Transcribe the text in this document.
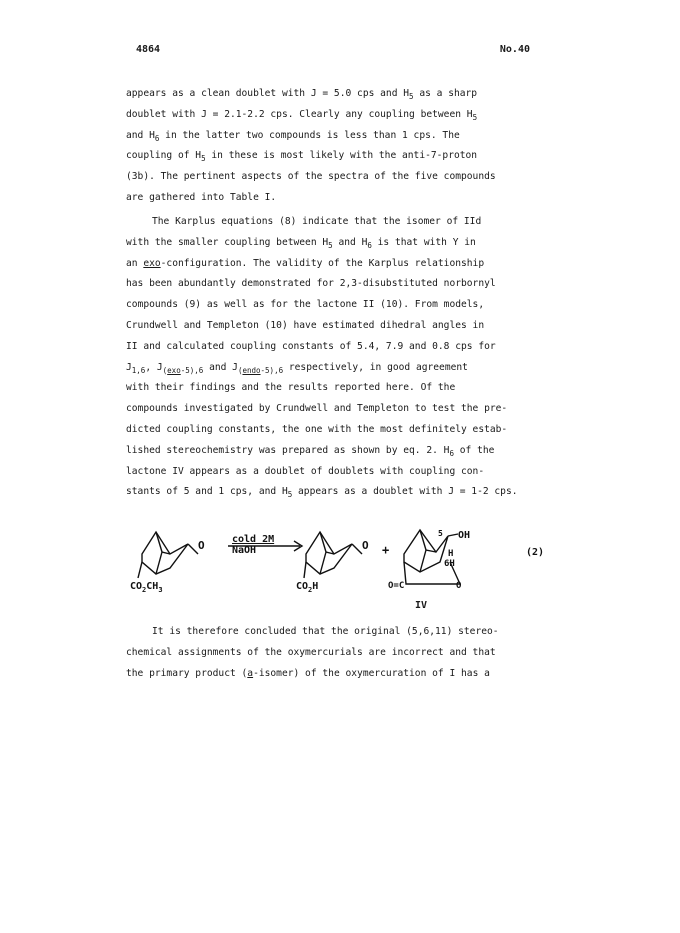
4864	No.40
appears as a clean doublet with J = 5.0 cps and $H_5$ as a sharp
doublet with J = 2.1-2.2 cps. Clearly any coupling between $H_5$
and $H_6$ in the latter two compounds is less than 1 cps. The
coupling of $H_5$ in these is most likely with the anti-7-proton
(3b). The pertinent aspects of the spectra of the five compounds
are gathered into Table I.
The Karplus equations (8) indicate that the isomer of IId
with the smaller coupling between $H_5$ and $H_6$ is that with Y in
an exo-configuration. The validity of the Karplus relationship
has been abundantly demonstrated for 2,3-disubstituted norbornyl
compounds (9) as well as for the lactone II (10). From models,
Crundwell and Templeton (10) have estimated dihedral angles in
II and calculated coupling constants of 5.4, 7.9 and 0.8 cps for
$J_{1,6}$, $J_{(exo-5),6}$ and $J_{(endo-5),6}$ respectively, in good agreement
with their findings and the results reported here. Of the
compounds investigated by Crundwell and Templeton to test the pre-
dicted coupling constants, the one with the most definitely estab-
lished stereochemistry was prepared as shown by eq. 2. $H_6$ of the
lactone IV appears as a doublet of doublets with coupling con-
stants of 5 and 1 cps, and $H_5$ appears as a doublet with J = 1-2 cps.
O
$CO_2CH_3$
cold 2M
NaOH	O
$CO_2H$
+
5 OH
H
6H
O=C	O
(2)
IV
It is therefore concluded that the original (5,6,11) stereo-
chemical assignments of the oxymercurials are incorrect and that
the primary product (a-isomer) of the oxymercuration of I has a
